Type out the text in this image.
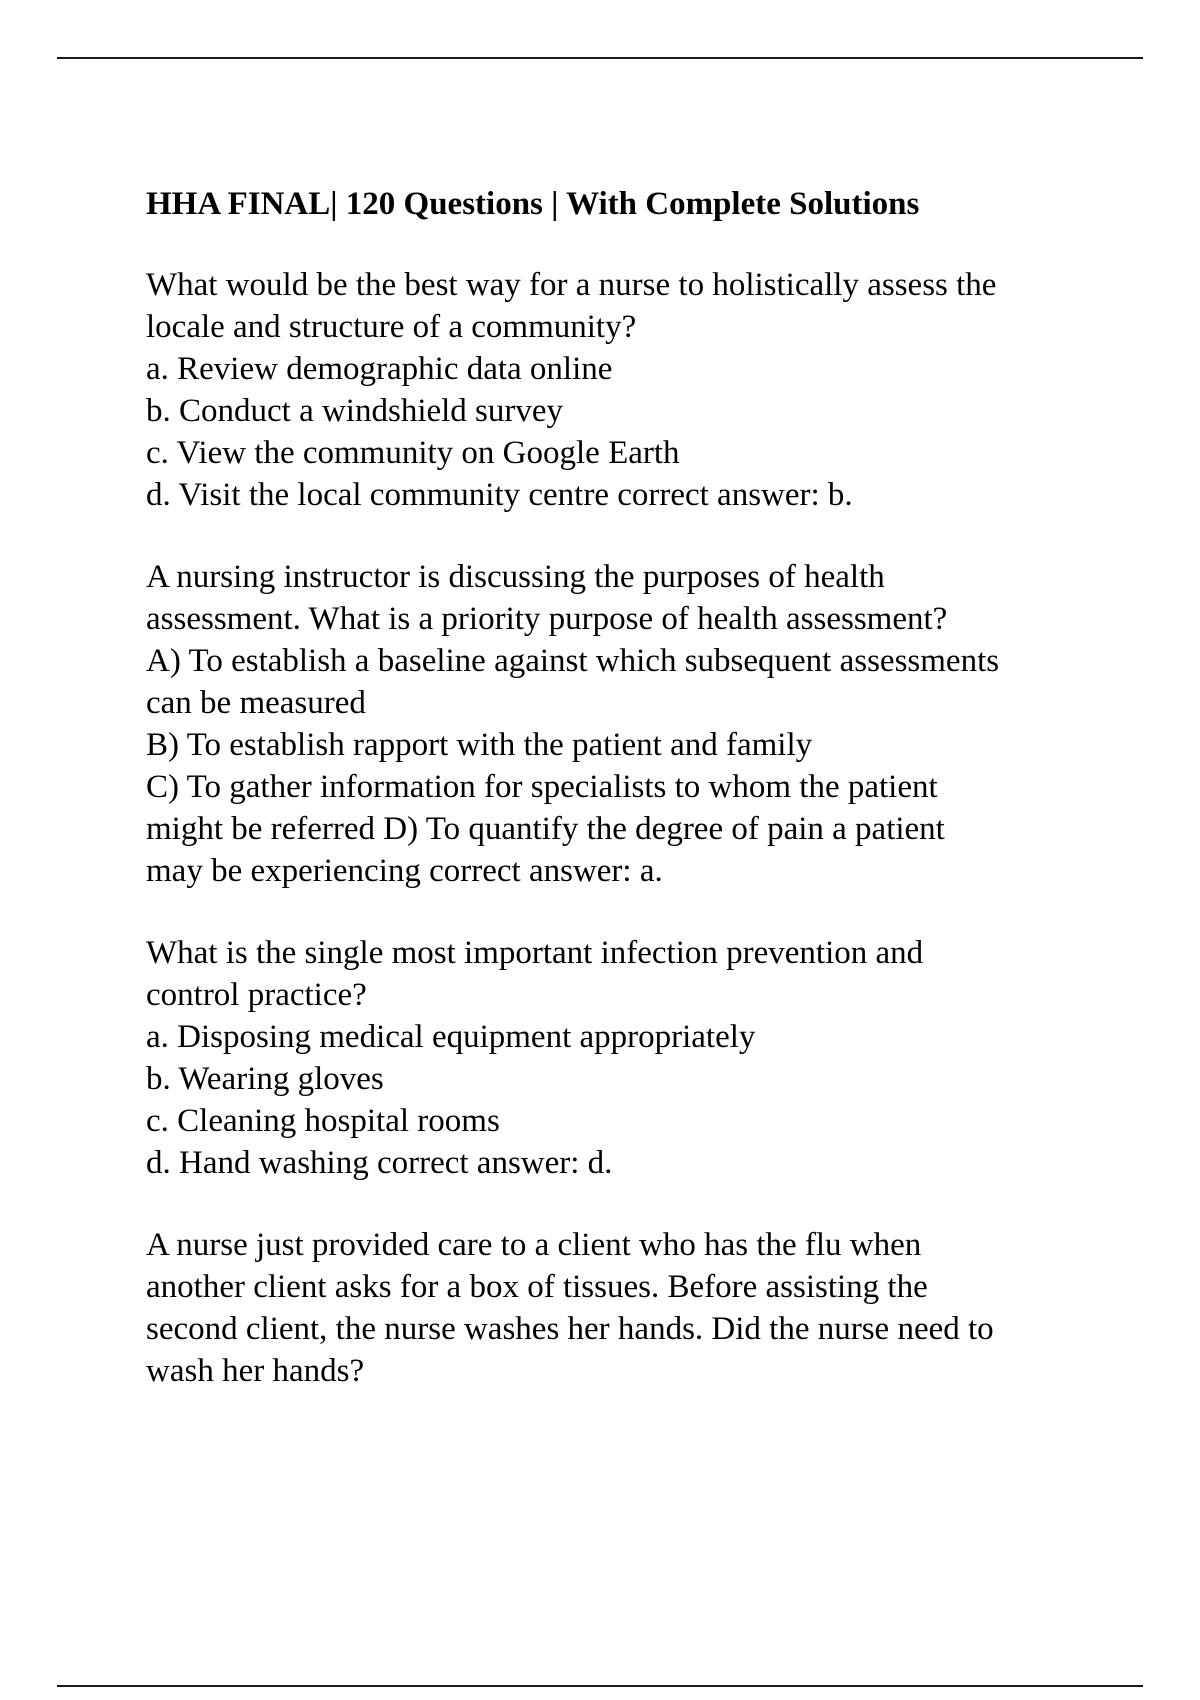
HHA FINAL| 120 Questions | With Complete Solutions
What would be the best way for a nurse to holistically assess the
locale and structure of a community?
a. Review demographic data online
b. Conduct a windshield survey
c. View the community on Google Earth
d. Visit the local community centre correct answer: b.
A nursing instructor is discussing the purposes of health
assessment. What is a priority purpose of health assessment?
A) To establish a baseline against which subsequent assessments
can be measured
B) To establish rapport with the patient and family
C) To gather information for specialists to whom the patient
might be referred D) To quantify the degree of pain a patient
may be experiencing correct answer: a.
What is the single most important infection prevention and
control practice?
a. Disposing medical equipment appropriately
b. Wearing gloves
c. Cleaning hospital rooms
d. Hand washing correct answer: d.
A nurse just provided care to a client who has the flu when
another client asks for a box of tissues. Before assisting the
second client, the nurse washes her hands. Did the nurse need to
wash her hands?
